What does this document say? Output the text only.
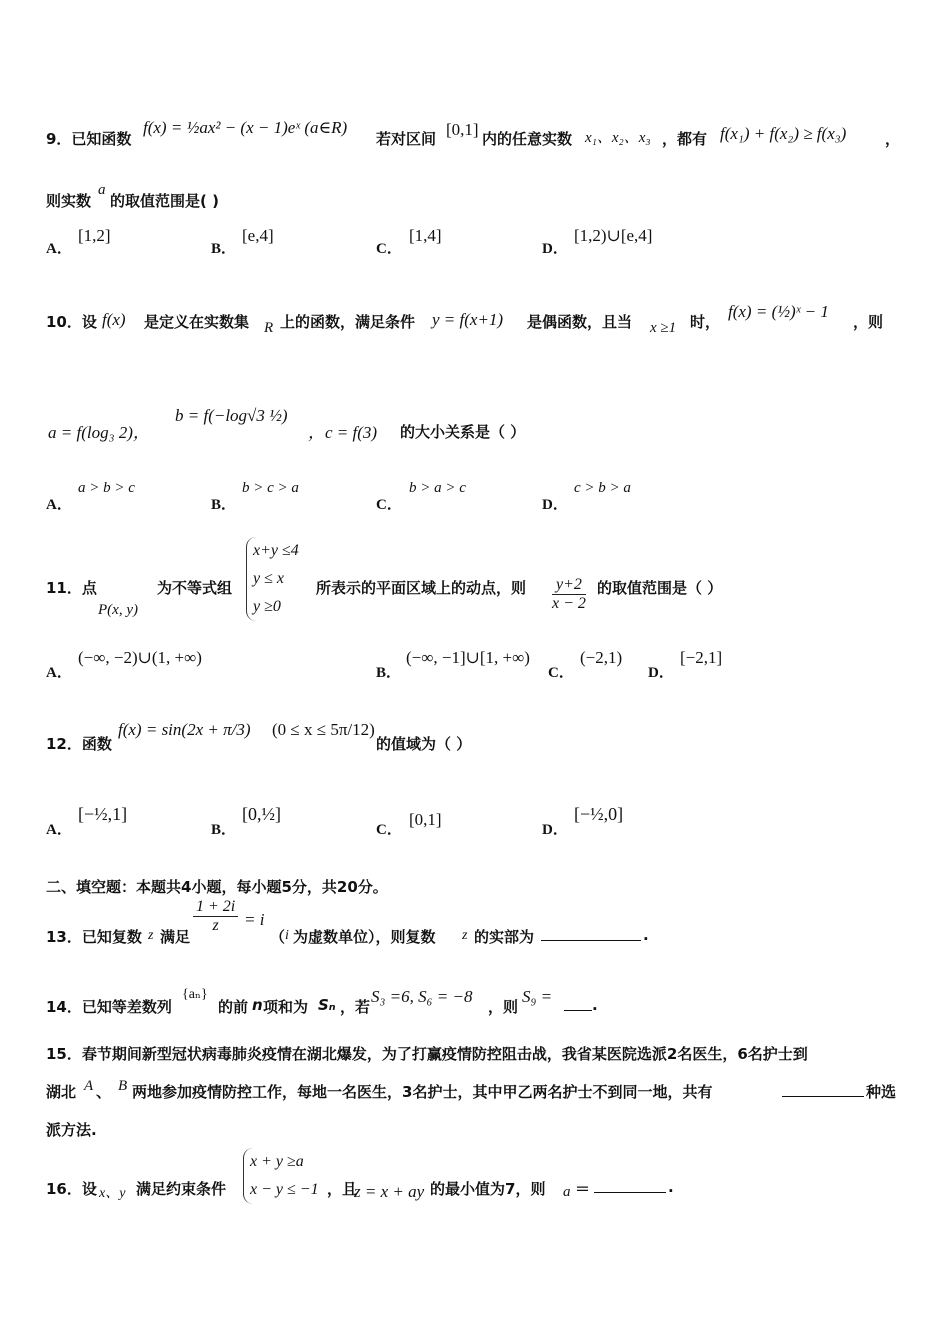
9．已知函数
f(x) = ½ax² − (x − 1)eˣ (a∈R)
若对区间 [0,1] 内的任意实数 x₁、x₂、x₃ ，都有 f(x₁) + f(x₂) ≥ f(x₃)	，
则实数
a
的取值范围是( )
A．
[1,2]
B．
[e,4]
C．
[1,4]
D．
[1,2)∪[e,4]
10．设 f(x) 是定义在实数集 R 上的函数，满足条件 y = f(x+1) 是偶函数，且当 x ≥1 时，
f(x) = (½)ˣ − 1
，则
a = f(log₃ 2)，
b = f(−log√3 ½)
，c = f(3) 的大小关系是（ ）
A．
a > b > c
B．
b > c > a
C．
b > a > c
D．
c > b > a
11．点
P(x, y)
为不等式组
x+y ≤4
y ≤ x
y ≥0
所表示的平面区域上的动点，则 $\frac{y+2}{x - 2}$ 的取值范围是（ ）
A．
(−∞, −2)∪(1, +∞)
B．
(−∞, −1]∪[1, +∞)
C．
(−2,1)
D．
[−2,1]
12．函数
f(x) = sin(2x + π/3) (0 ≤ x ≤ 5π/12)
的值域为（ ）
A．
[−½,1]
B．
[0,½]
C．
[0,1]
D．
[−½,0]
二、填空题：本题共4小题，每小题5分，共20分。
13．已知复数 z 满足
$\frac{1 + 2i}{z} = i$
（ i 为虚数单位），则复数 z 的实部为	.
14．已知等差数列
{aₙ}
的前 n 项和为 Sₙ ，若
S₃ =6, S₆ = −8
，则
S₉ =	.
15．春节期间新型冠状病毒肺炎疫情在湖北爆发，为了打赢疫情防控阻击战，我省某医院选派2名医生，6名护士到
湖北 A 、 B 两地参加疫情防控工作，每地一名医生，3名护士，其中甲乙两名护士不到同一地，共有	种选
派方法.
16．设 x、y 满足约束条件
x + y ≥a
x − y ≤ −1 ，且
z = x + ay 的最小值为7，则 a ＝	.
